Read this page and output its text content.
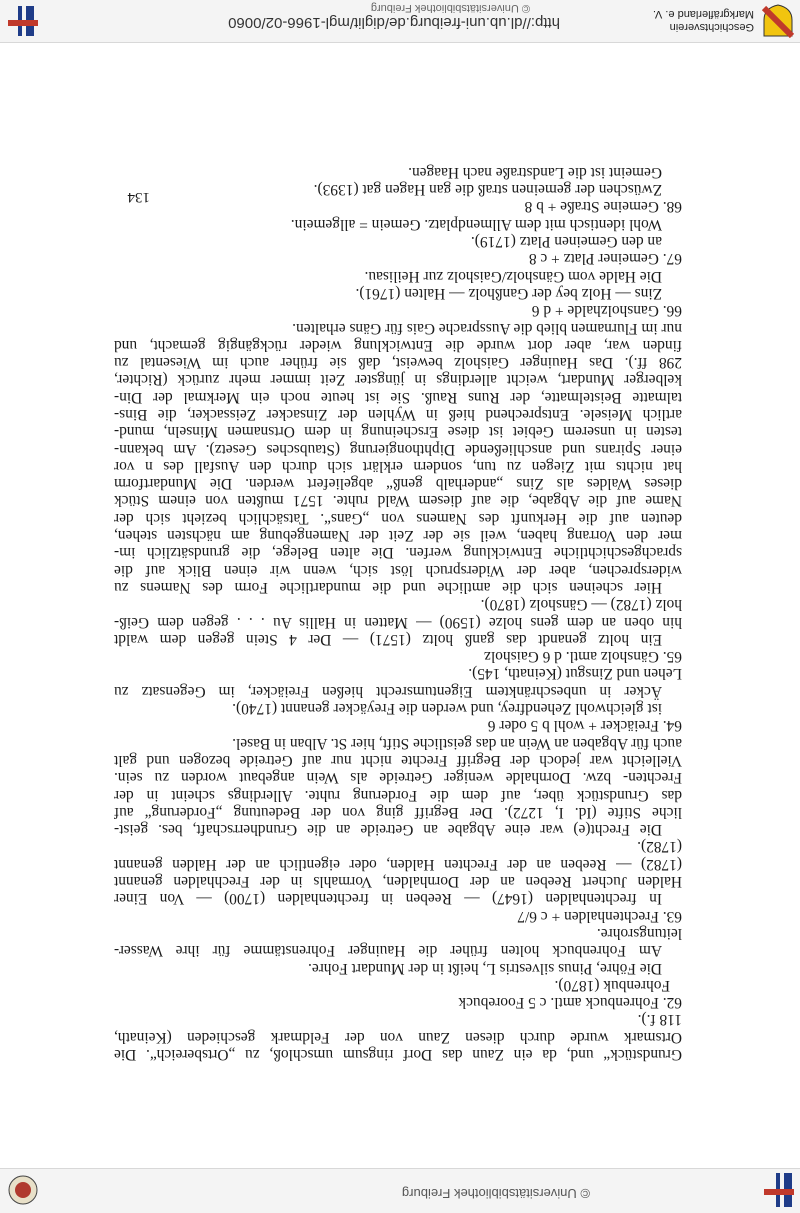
© Universitätsbibliothek Freiburg
Grundstück“ und, da ein Zaun das Dorf ringsum umschloß, zu „Ortsbereich“. Die
Ortsmark wurde durch diesen Zaun von der Feldmark geschieden (Keinath,
118 f.).
62. Fohrenbuck amtl. c 5 Foorebuck
Fohrenbuk (1870).
Die Föhre, Pinus silvestris L, heißt in der Mundart Fohre.
Am Fohrenbuck holten früher die Hauinger Fohrenstämme für ihre Wasser-
leitungsrohre.
63. Frechtenhalden + c 6/7
In frechtenhalden (1647) — Reeben in frechtenhalden (1700) — Von Einer
Halden Juchert Reeben an der Dornhalden, Vormahls in der Frechhalden genannt
(1782) — Reeben an der Frechten Halden, oder eigentlich an der Halden genannt
(1782).
Die Frecht(e) war eine Abgabe an Getreide an die Grundherrschaft, bes. geist-
liche Stifte (Id. I, 1272). Der Begriff ging von der Bedeutung „Forderung“ auf
das Grundstück über, auf dem die Forderung ruhte. Allerdings scheint in der
Frechten- bzw. Dornhalde weniger Getreide als Wein angebaut worden zu sein.
Vielleicht war jedoch der Begriff Frechte nicht nur auf Getreide bezogen und galt
auch für Abgaben an Wein an das geistliche Stift, hier St. Alban in Basel.
64. Freiäcker + wohl b 5 oder 6
ist gleichwohl Zehendfrey, und werden die Freyäcker genannt (1740).
Äcker in unbeschränktem Eigentumsrecht hießen Freiäcker, im Gegensatz zu
Lehen und Zinsgut (Keinath, 145).
65. Gänsholz amtl. d 6 Gaisholz
Ein holtz genandt das ganß holtz (1571) — Der 4 Stein gegen dem waldt
hin oben an dem gens holze (1590) — Matten in Hallis Au . . . gegen dem Geiß-
holz (1782) — Gänsholz (1870).
Hier scheinen sich die amtliche und die mundartliche Form des Namens zu
widersprechen, aber der Widerspruch löst sich, wenn wir einen Blick auf die
sprachgeschichtliche Entwicklung werfen. Die alten Belege, die grundsätzlich im-
mer den Vorrang haben, weil sie der Zeit der Namengebung am nächsten stehen,
deuten auf die Herkunft des Namens von „Gans“. Tatsächlich bezieht sich der
Name auf die Abgabe, die auf diesem Wald ruhte. 1571 mußten von einem Stück
dieses Waldes als Zins „anderhalb genß“ abgeliefert werden. Die Mundartform
hat nichts mit Ziegen zu tun, sondern erklärt sich durch den Ausfall des n vor
einer Spirans und anschließende Diphthongierung (Staubsches Gesetz). Am bekann-
testen in unserem Gebiet ist diese Erscheinung in dem Ortsnamen Minseln, mund-
artlich Meisele. Entsprechend hieß in Wyhlen der Zinsacker Zeissacker, die Bins-
talmatte Beistelmatte, der Runs Rauß. Sie ist heute noch ein Merkmal der Din-
kelberger Mundart, weicht allerdings in jüngster Zeit immer mehr zurück (Richter,
298 ff.). Das Hauinger Gaisholz beweist, daß sie früher auch im Wiesental zu
finden war, aber dort wurde die Entwicklung wieder rückgängig gemacht, und
nur im Flurnamen blieb die Aussprache Gais für Gäns erhalten.
66. Gansholzhalde + d 6
Zins — Holz bey der Ganßholz — Halten (1761).
Die Halde vom Gänsholz/Gaisholz zur Heilisau.
67. Gemeiner Platz + c 8
an den Gemeinen Platz (1719).
Wohl identisch mit dem Allmendplatz. Gemein = allgemein.
68. Gemeine Straße + b 8
Zwüschen der gemeinen straß die gan Hagen gat (1393).
Gemeint ist die Landstraße nach Haagen.
134
Geschichtsverein
Markgräflerland e. V.
http://dl.ub.uni-freiburg.de/diglit/mgl-1966-02/0060
© Universitätsbibliothek Freiburg
